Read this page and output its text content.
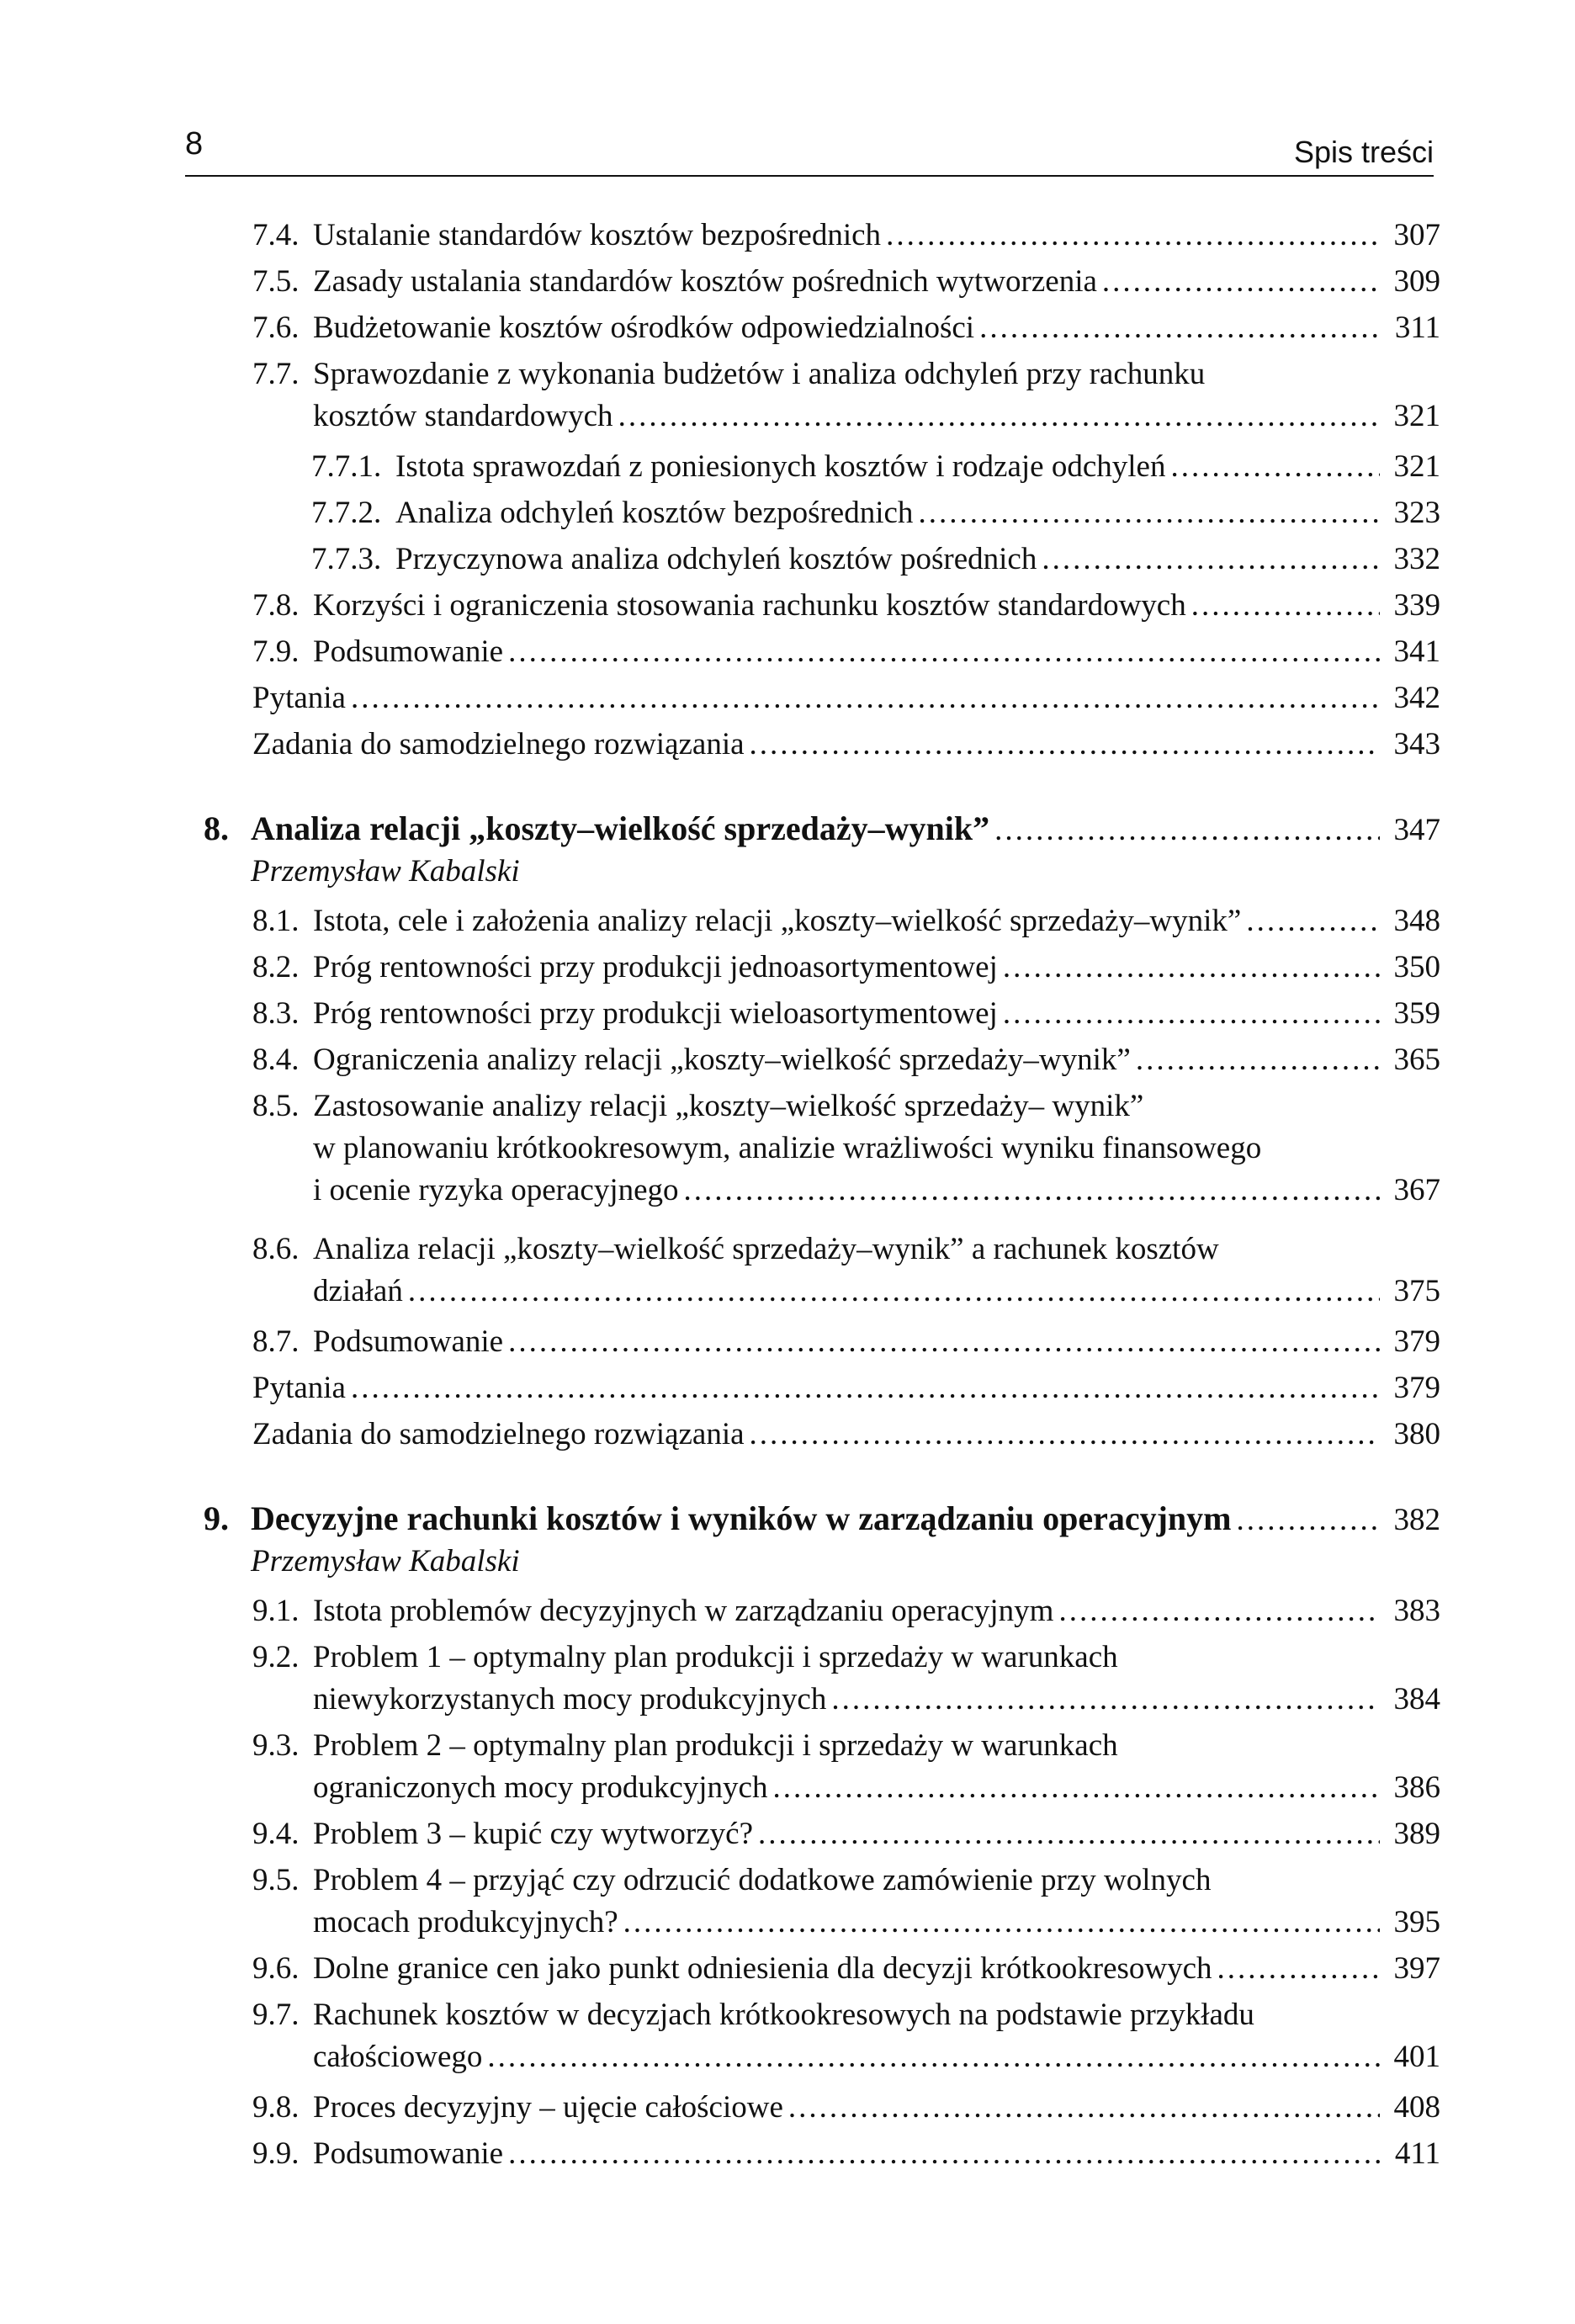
8	Spis treści
7.4. Ustalanie standardów kosztów bezpośrednich .....	307
7.5. Zasady ustalania standardów kosztów pośrednich wytworzenia .....	309
7.6. Budżetowanie kosztów ośrodków odpowiedzialności .....	311
7.7. Sprawozdanie z wykonania budżetów i analiza odchyleń przy rachunku
kosztów standardowych .....	321
7.7.1. Istota sprawozdań z poniesionych kosztów i rodzaje odchyleń .....	321
7.7.2. Analiza odchyleń kosztów bezpośrednich .....	323
7.7.3. Przyczynowa analiza odchyleń kosztów pośrednich .....	332
7.8. Korzyści i ograniczenia stosowania rachunku kosztów standardowych .....	339
7.9. Podsumowanie .....	341
Pytania .....	342
Zadania do samodzielnego rozwiązania .....	343
8. Analiza relacji „koszty–wielkość sprzedaży–wynik” .....	347
Przemysław Kabalski
8.1. Istota, cele i założenia analizy relacji „koszty–wielkość sprzedaży–wynik” .....	348
8.2. Próg rentowności przy produkcji jednoasortymentowej .....	350
8.3. Próg rentowności przy produkcji wieloasortymentowej .....	359
8.4. Ograniczenia analizy relacji „koszty–wielkość sprzedaży–wynik” .....	365
8.5. Zastosowanie analizy relacji „koszty–wielkość sprzedaży– wynik”
w planowaniu krótkookresowym, analizie wrażliwości wyniku finansowego
i ocenie ryzyka operacyjnego .....	367
8.6. Analiza relacji „koszty–wielkość sprzedaży–wynik” a rachunek kosztów
działań .....	375
8.7. Podsumowanie .....	379
Pytania .....	379
Zadania do samodzielnego rozwiązania .....	380
9. Decyzyjne rachunki kosztów i wyników w zarządzaniu operacyjnym .....	382
Przemysław Kabalski
9.1. Istota problemów decyzyjnych w zarządzaniu operacyjnym .....	383
9.2. Problem 1 – optymalny plan produkcji i sprzedaży w warunkach
niewykorzystanych mocy produkcyjnych .....	384
9.3. Problem 2 – optymalny plan produkcji i sprzedaży w warunkach
ograniczonych mocy produkcyjnych .....	386
9.4. Problem 3 – kupić czy wytworzyć? .....	389
9.5. Problem 4 – przyjąć czy odrzucić dodatkowe zamówienie przy wolnych
mocach produkcyjnych? .....	395
9.6. Dolne granice cen jako punkt odniesienia dla decyzji krótkookresowych .....	397
9.7. Rachunek kosztów w decyzjach krótkookresowych na podstawie przykładu
całościowego .....	401
9.8. Proces decyzyjny – ujęcie całościowe .....	408
9.9. Podsumowanie .....	411
